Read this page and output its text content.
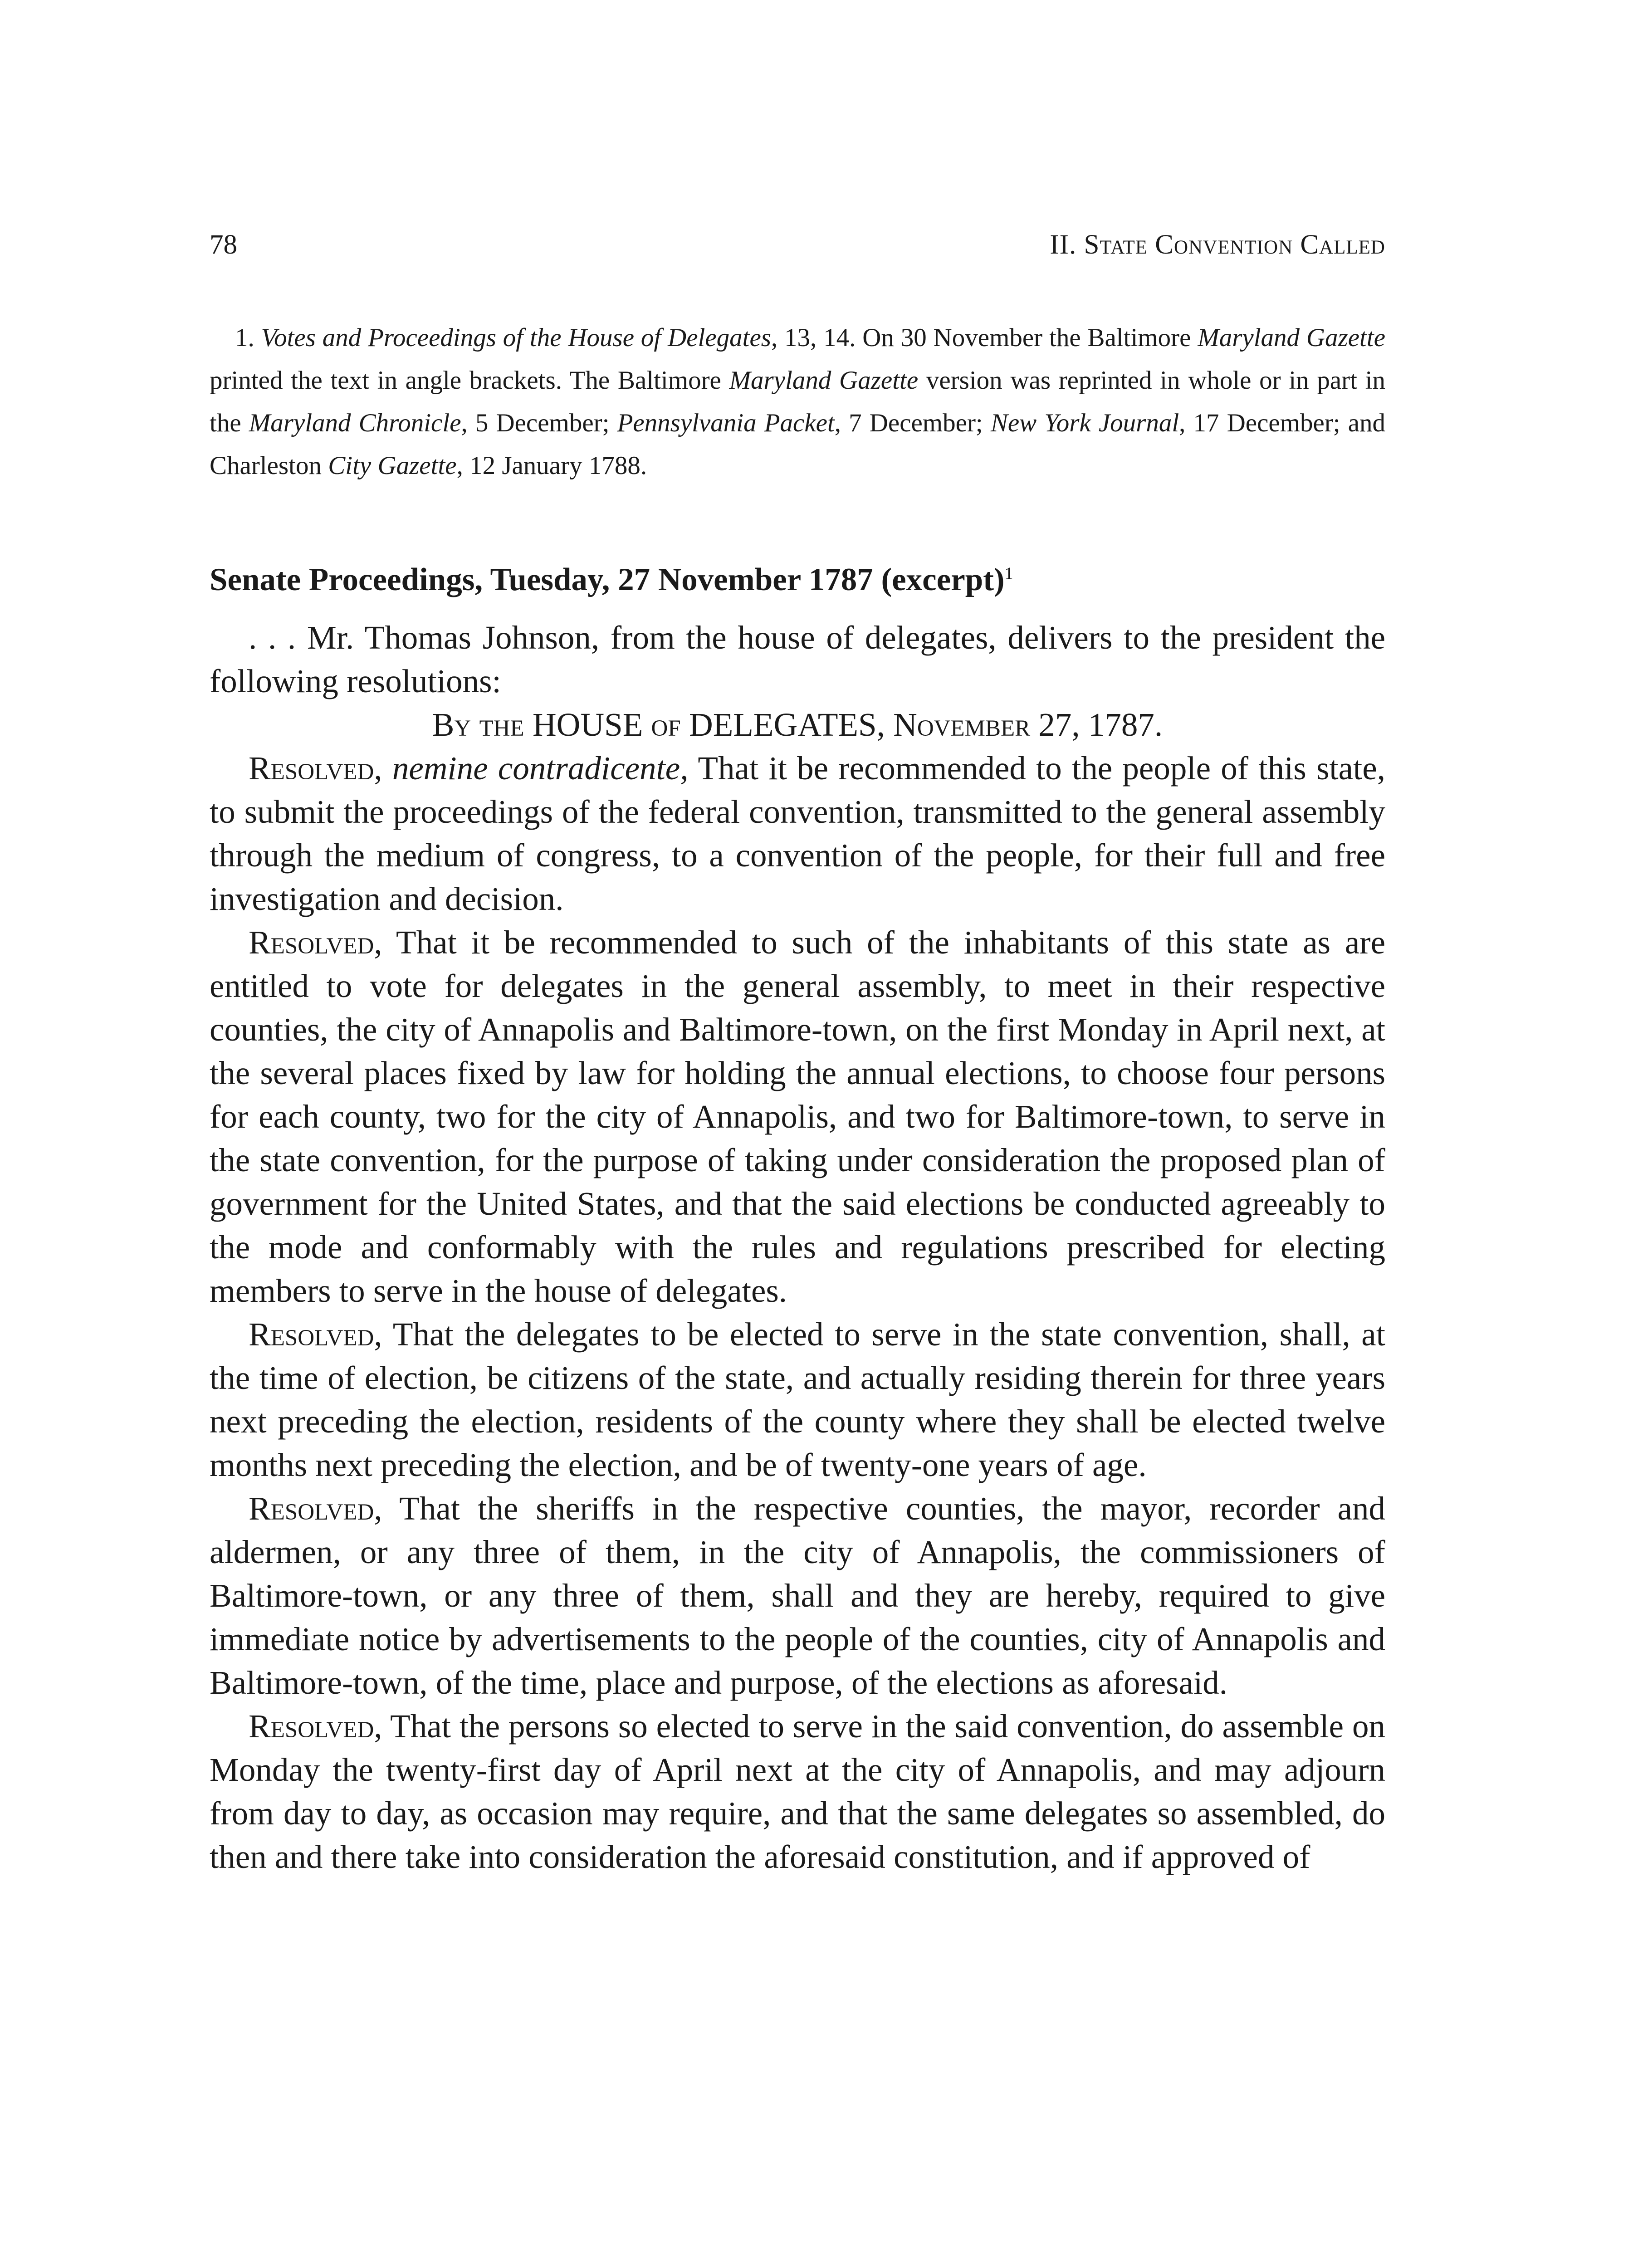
78	II. State Convention Called

1. Votes and Proceedings of the House of Delegates, 13, 14. On 30 November the Baltimore Maryland Gazette printed the text in angle brackets. The Baltimore Maryland Gazette version was reprinted in whole or in part in the Maryland Chronicle, 5 December; Pennsylvania Packet, 7 December; New York Journal, 17 December; and Charleston City Gazette, 12 January 1788.

Senate Proceedings, Tuesday, 27 November 1787 (excerpt)$^1$

. . . Mr. Thomas Johnson, from the house of delegates, delivers to the president the following resolutions:

By the HOUSE of DELEGATES, November 27, 1787.

Resolved, nemine contradicente, That it be recommended to the people of this state, to submit the proceedings of the federal convention, transmitted to the general assembly through the medium of congress, to a convention of the people, for their full and free investigation and decision.

Resolved, That it be recommended to such of the inhabitants of this state as are entitled to vote for delegates in the general assembly, to meet in their respective counties, the city of Annapolis and Baltimore-town, on the first Monday in April next, at the several places fixed by law for holding the annual elections, to choose four persons for each county, two for the city of Annapolis, and two for Baltimore-town, to serve in the state convention, for the purpose of taking under consideration the proposed plan of government for the United States, and that the said elections be conducted agreeably to the mode and conformably with the rules and regulations prescribed for electing members to serve in the house of delegates.

Resolved, That the delegates to be elected to serve in the state convention, shall, at the time of election, be citizens of the state, and actually residing therein for three years next preceding the election, residents of the county where they shall be elected twelve months next preceding the election, and be of twenty-one years of age.

Resolved, That the sheriffs in the respective counties, the mayor, recorder and aldermen, or any three of them, in the city of Annapolis, the commissioners of Baltimore-town, or any three of them, shall and they are hereby, required to give immediate notice by advertisements to the people of the counties, city of Annapolis and Baltimore-town, of the time, place and purpose, of the elections as aforesaid.

Resolved, That the persons so elected to serve in the said convention, do assemble on Monday the twenty-first day of April next at the city of Annapolis, and may adjourn from day to day, as occasion may require, and that the same delegates so assembled, do then and there take into consideration the aforesaid constitution, and if approved of
